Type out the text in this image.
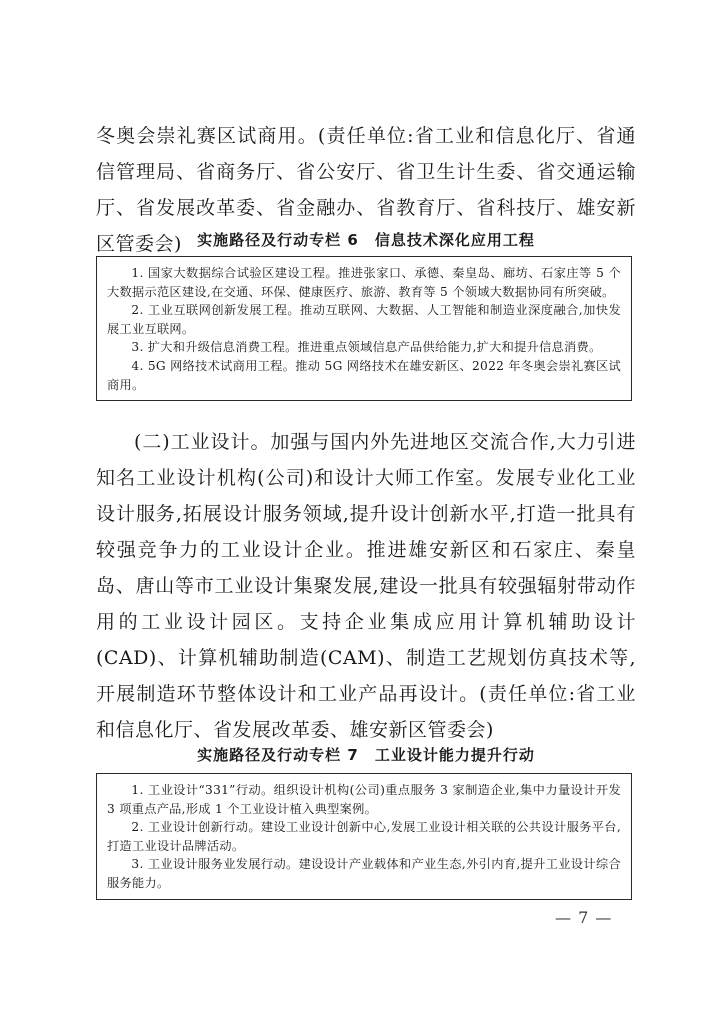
冬奥会崇礼赛区试商用。(责任单位:省工业和信息化厅、省通信管理局、省商务厅、省公安厅、省卫生计生委、省交通运输厅、省发展改革委、省金融办、省教育厅、省科技厅、雄安新区管委会)	实施路径及行动专栏 6　信息技术深化应用工程

1. 国家大数据综合试验区建设工程。推进张家口、承德、秦皇岛、廊坊、石家庄等 5 个大数据示范区建设,在交通、环保、健康医疗、旅游、教育等 5 个领域大数据协同有所突破。

2. 工业互联网创新发展工程。推动互联网、大数据、人工智能和制造业深度融合,加快发展工业互联网。

3. 扩大和升级信息消费工程。推进重点领域信息产品供给能力,扩大和提升信息消费。

4. 5G 网络技术试商用工程。推动 5G 网络技术在雄安新区、2022 年冬奥会崇礼赛区试商用。

(二)工业设计。加强与国内外先进地区交流合作,大力引进知名工业设计机构(公司)和设计大师工作室。发展专业化工业设计服务,拓展设计服务领域,提升设计创新水平,打造一批具有较强竞争力的工业设计企业。推进雄安新区和石家庄、秦皇岛、唐山等市工业设计集聚发展,建设一批具有较强辐射带动作用的工业设计园区。支持企业集成应用计算机辅助设计(CAD)、计算机辅助制造(CAM)、制造工艺规划仿真技术等,开展制造环节整体设计和工业产品再设计。(责任单位:省工业和信息化厅、省发展改革委、雄安新区管委会)
实施路径及行动专栏 7　工业设计能力提升行动

1. 工业设计“331”行动。组织设计机构(公司)重点服务 3 家制造企业,集中力量设计开发 3 项重点产品,形成 1 个工业设计植入典型案例。

2. 工业设计创新行动。建设工业设计创新中心,发展工业设计相关联的公共设计服务平台,打造工业设计品牌活动。

3. 工业设计服务业发展行动。建设设计产业载体和产业生态,外引内育,提升工业设计综合服务能力。

— 7 —
